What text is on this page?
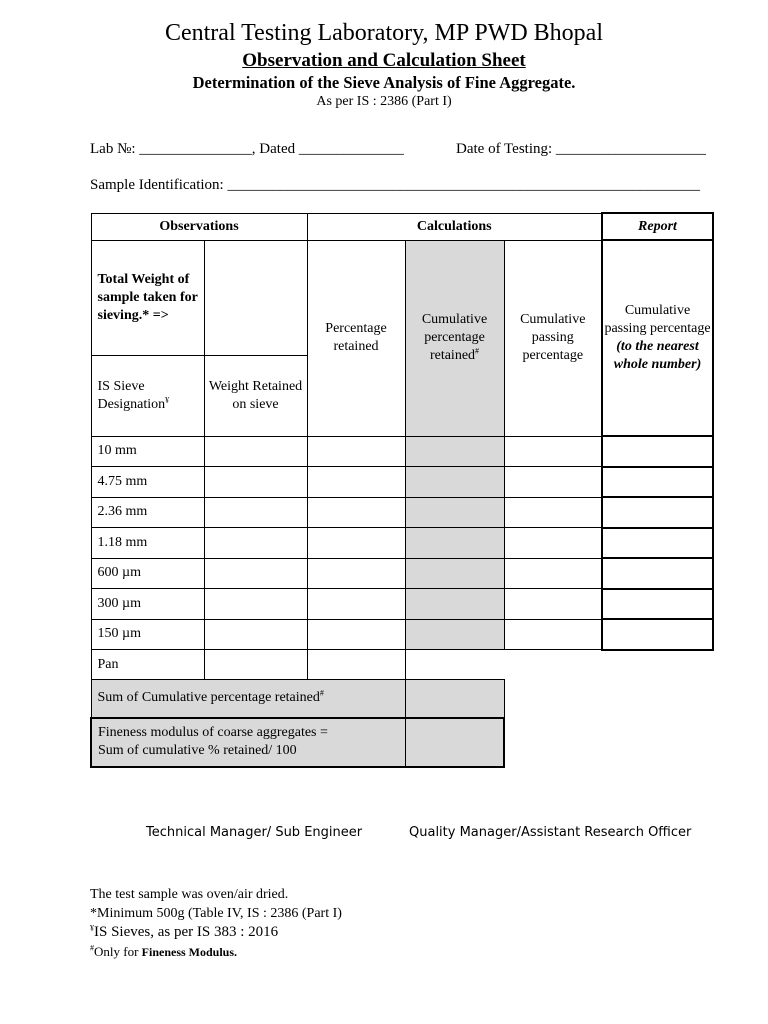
Central Testing Laboratory, MP PWD Bhopal
Observation and Calculation Sheet
Determination of the Sieve Analysis of Fine Aggregate.
As per IS : 2386 (Part I)
Lab №: _______________, Dated ______________	Date of Testing: ____________________
Sample Identification: _______________________________________________________________
Observations		Calculations			Report
Total Weight of sample taken for sieving.* =>		Percentage retained	Cumulative percentage retained#	Cumulative passing percentage	Cumulative passing percentage
(to the nearest whole number)

IS Sieve Designation¥	Weight Retained on sieve				
10 mm					
4.75 mm					
2.36 mm					
1.18 mm					
600 µm					
300 µm					
150 µm					
Pan					
Sum of Cumulative percentage retained#		

Fineness modulus of coarse aggregates =
Sum of cumulative % retained/ 100					

Technical Manager/ Sub Engineer	Quality Manager/Assistant Research Officer
The test sample was oven/air dried.
*Minimum 500g (Table IV, IS : 2386 (Part I)
¥IS Sieves, as per IS 383 : 2016
#Only for Fineness Modulus.
